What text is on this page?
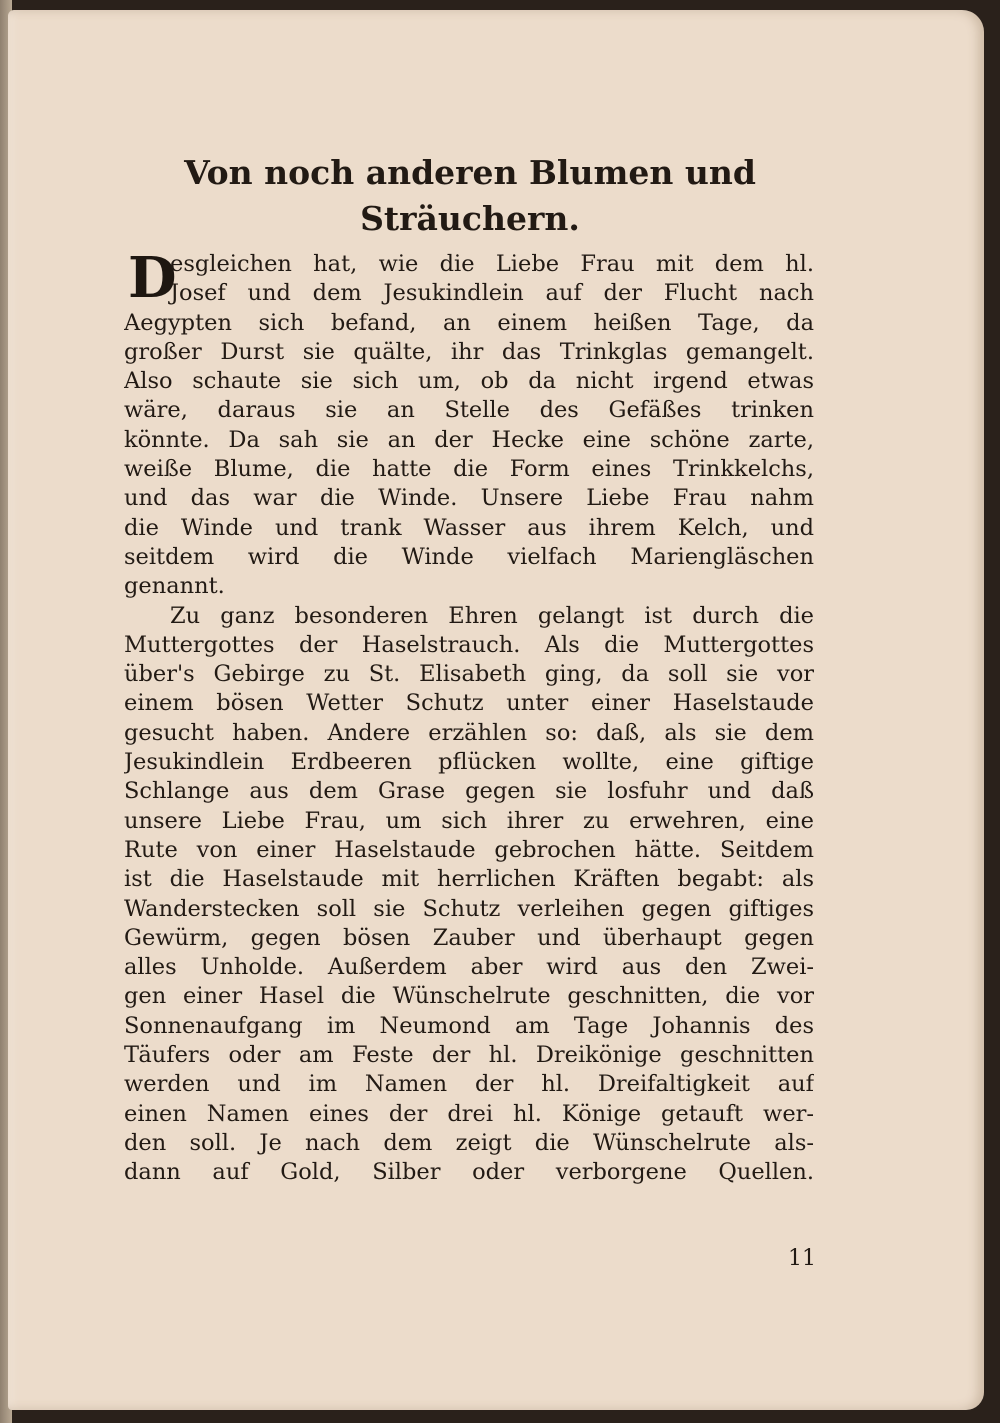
Von noch anderen Blumen und
Sträuchern.
D
esgleichen hat, wie die Liebe Frau mit dem hl.
Josef und dem Jesukindlein auf der Flucht nach
Aegypten sich befand, an einem heißen Tage, da
großer Durst sie quälte, ihr das Trinkglas gemangelt.
Also schaute sie sich um, ob da nicht irgend etwas
wäre, daraus sie an Stelle des Gefäßes trinken
könnte. Da sah sie an der Hecke eine schöne zarte,
weiße Blume, die hatte die Form eines Trinkkelchs,
und das war die Winde. Unsere Liebe Frau nahm
die Winde und trank Wasser aus ihrem Kelch, und
seitdem wird die Winde vielfach Mariengläschen
genannt.
Zu ganz besonderen Ehren gelangt ist durch die
Muttergottes der Haselstrauch. Als die Muttergottes
über's Gebirge zu St. Elisabeth ging, da soll sie vor
einem bösen Wetter Schutz unter einer Haselstaude
gesucht haben. Andere erzählen so: daß, als sie dem
Jesukindlein Erdbeeren pflücken wollte, eine giftige
Schlange aus dem Grase gegen sie losfuhr und daß
unsere Liebe Frau, um sich ihrer zu erwehren, eine
Rute von einer Haselstaude gebrochen hätte. Seitdem
ist die Haselstaude mit herrlichen Kräften begabt: als
Wanderstecken soll sie Schutz verleihen gegen giftiges
Gewürm, gegen bösen Zauber und überhaupt gegen
alles Unholde. Außerdem aber wird aus den Zwei-
gen einer Hasel die Wünschelrute geschnitten, die vor
Sonnenaufgang im Neumond am Tage Johannis des
Täufers oder am Feste der hl. Dreikönige geschnitten
werden und im Namen der hl. Dreifaltigkeit auf
einen Namen eines der drei hl. Könige getauft wer-
den soll. Je nach dem zeigt die Wünschelrute als-
dann auf Gold, Silber oder verborgene Quellen.

11
